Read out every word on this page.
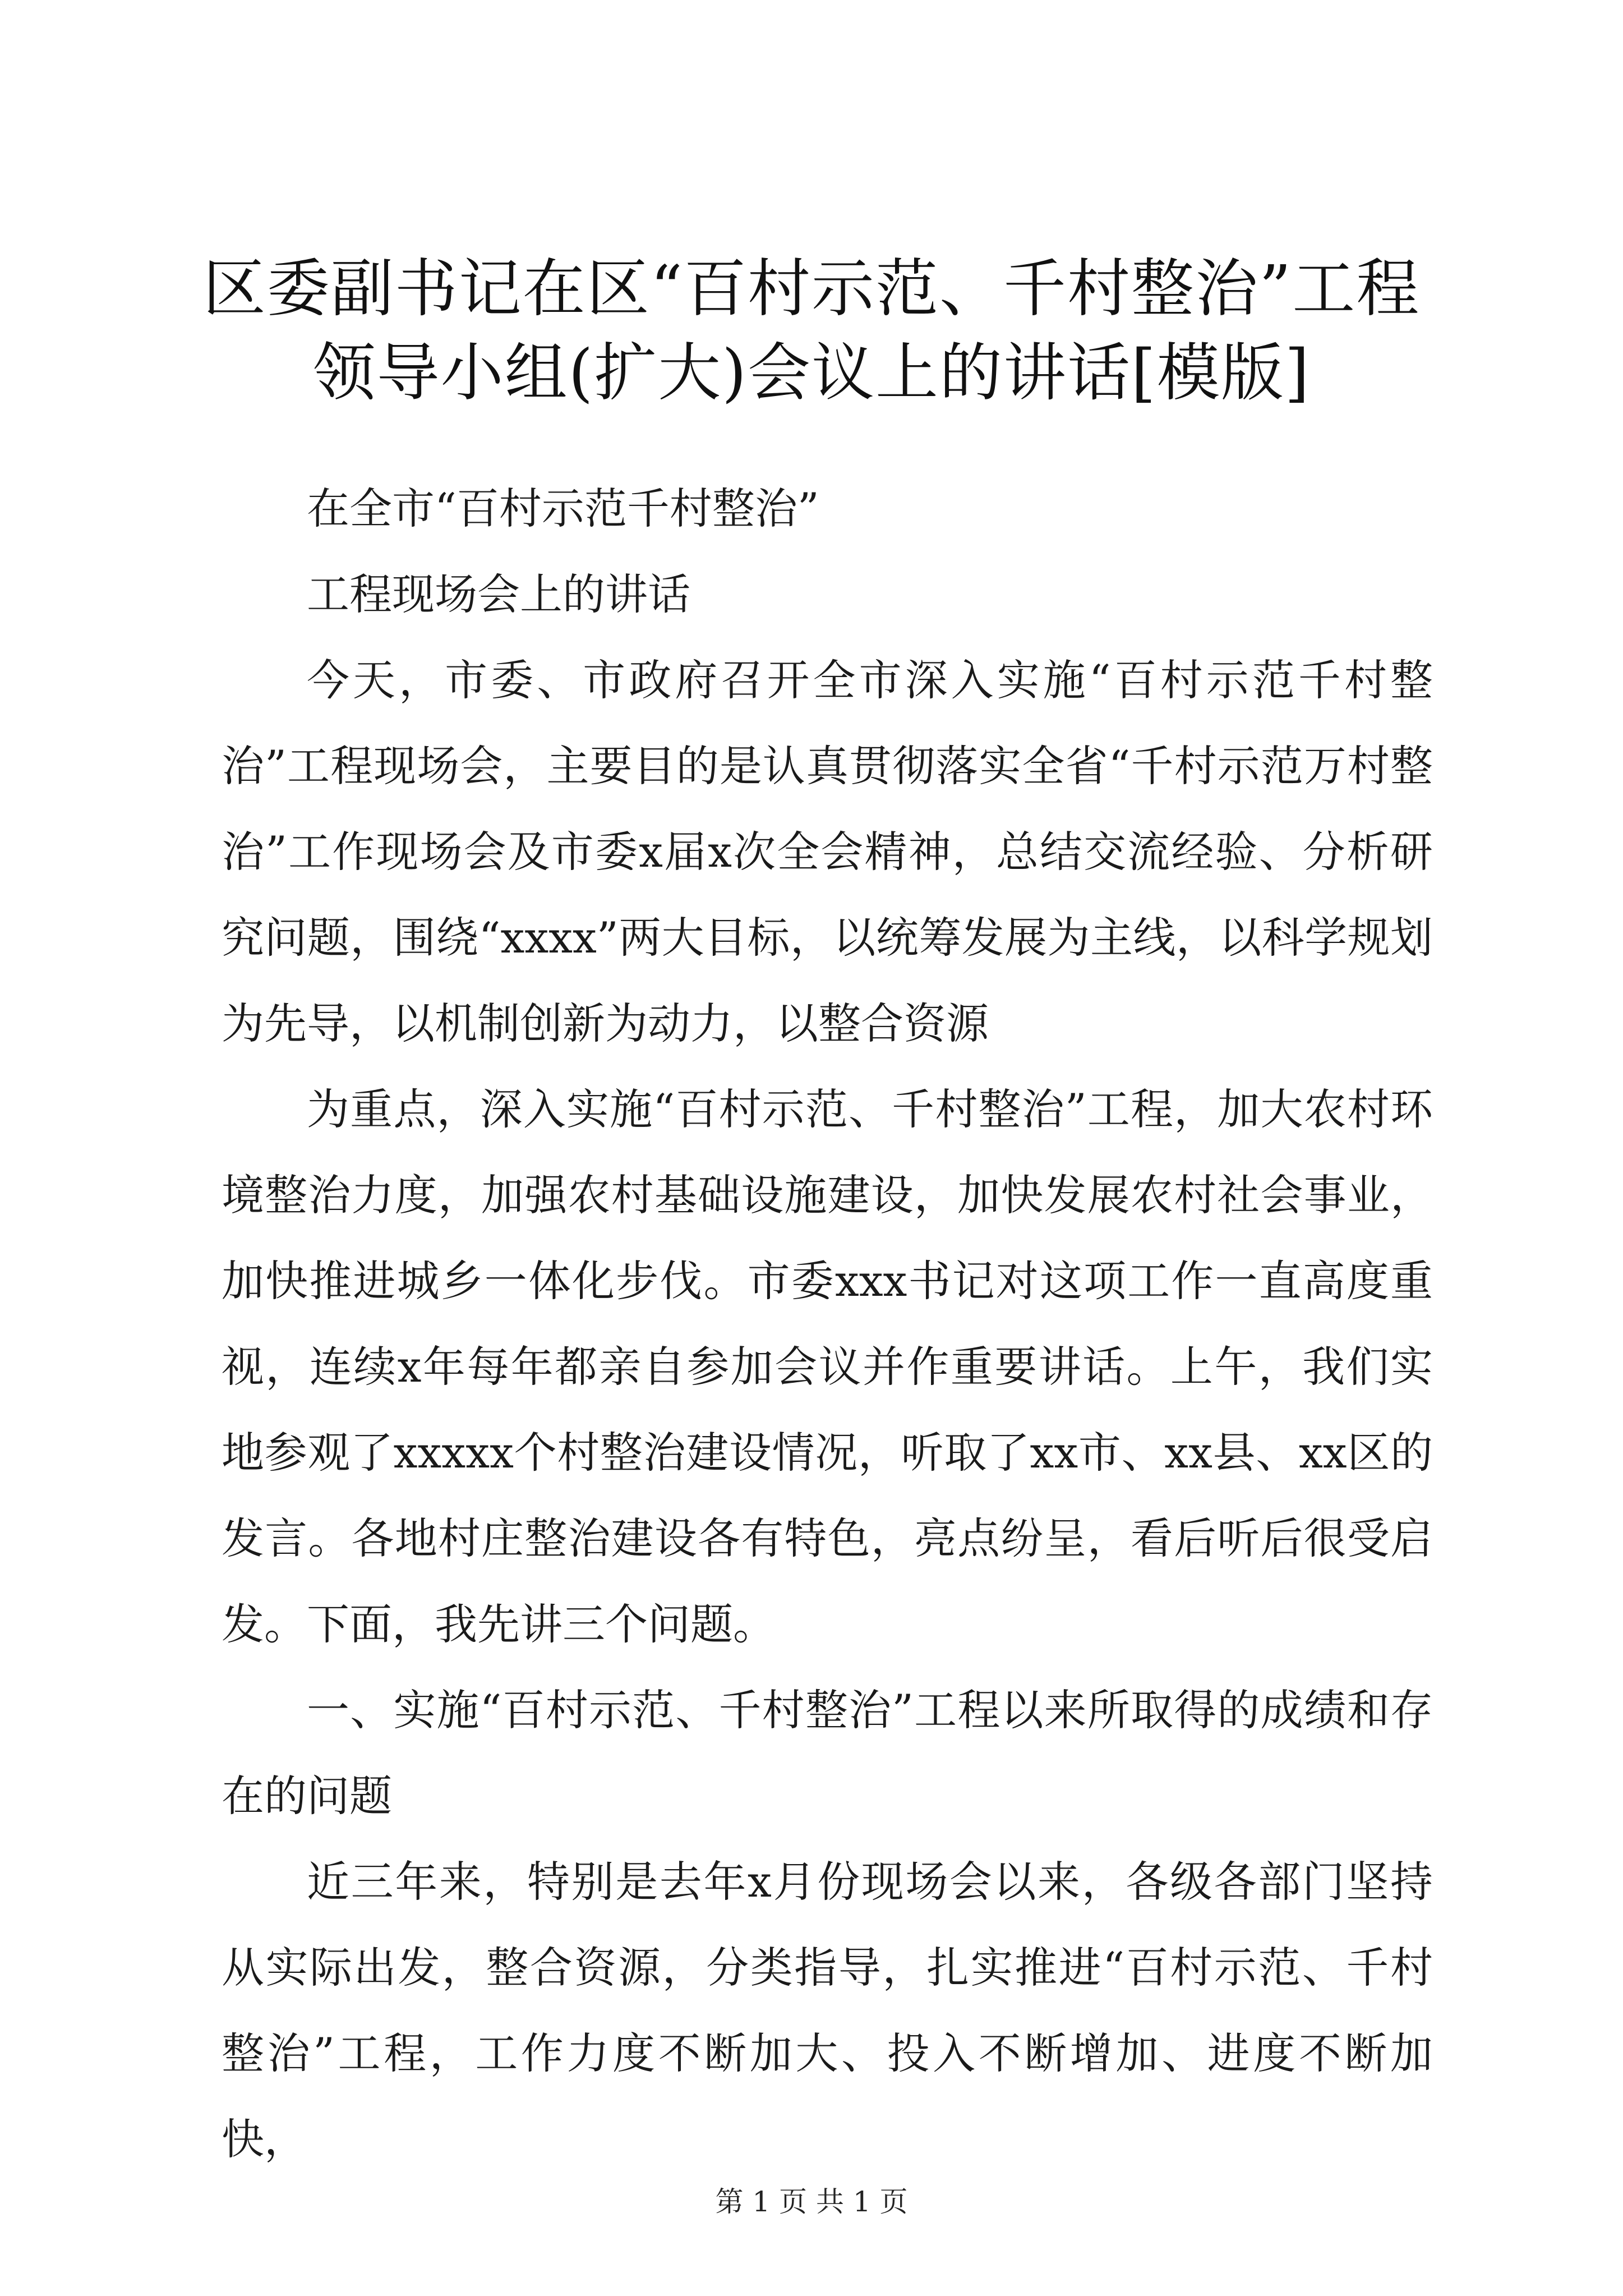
区委副书记在区“百村示范、千村整治”工程
领导小组(扩大)会议上的讲话[模版]

在全市“百村示范千村整治”

工程现场会上的讲话

今天，市委、市政府召开全市深入实施“百村示范千村整治”工程现场会，主要目的是认真贯彻落实全省“千村示范万村整治”工作现场会及市委x届x次全会精神，总结交流经验、分析研究问题，围绕“xxxx”两大目标，以统筹发展为主线，以科学规划为先导，以机制创新为动力，以整合资源

为重点，深入实施“百村示范、千村整治”工程，加大农村环境整治力度，加强农村基础设施建设，加快发展农村社会事业，加快推进城乡一体化步伐。市委xxx书记对这项工作一直高度重视，连续x年每年都亲自参加会议并作重要讲话。上午，我们实地参观了xxxxx个村整治建设情况，听取了xx市、xx县、xx区的发言。各地村庄整治建设各有特色，亮点纷呈，看后听后很受启发。下面，我先讲三个问题。

一、实施“百村示范、千村整治”工程以来所取得的成绩和存在的问题

近三年来，特别是去年x月份现场会以来，各级各部门坚持从实际出发，整合资源，分类指导，扎实推进“百村示范、千村整治”工程，工作力度不断加大、投入不断增加、进度不断加快，

第 1 页 共 1 页
